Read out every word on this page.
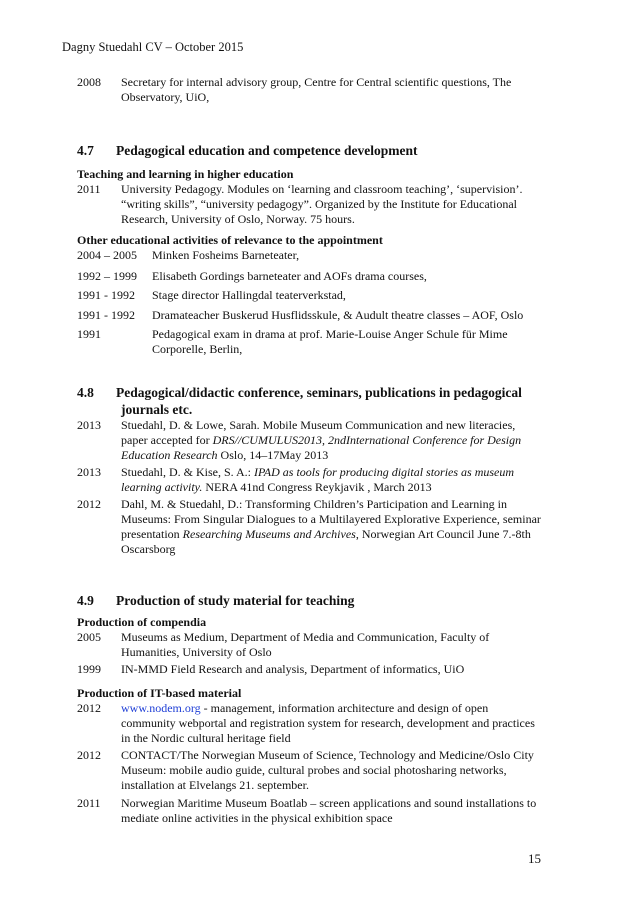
Dagny Stuedahl CV – October 2015
2008 Secretary for internal advisory group, Centre for Central scientific questions, The Observatory, UiO,
4.7 Pedagogical education and competence development
Teaching and learning in higher education
2011 University Pedagogy. Modules on ‘learning and classroom teaching’, ‘supervision’. “writing skills”, “university pedagogy”. Organized by the Institute for Educational Research, University of Oslo, Norway. 75 hours.
Other educational activities of relevance to the appointment
2004 – 2005 Minken Fosheims Barneteater,
1992 – 1999 Elisabeth Gordings barneteater and AOFs drama courses,
1991 - 1992 Stage director Hallingdal teaterverkstad,
1991 - 1992 Dramateacher Buskerud Husflidsskule, & Audult theatre classes – AOF, Oslo
1991	Pedagogical exam in drama at prof. Marie-Louise Anger Schule für Mime Corporelle, Berlin,
4.8 Pedagogical/didactic conference, seminars, publications in pedagogical
journals etc.
2013 Stuedahl, D. & Lowe, Sarah. Mobile Museum Communication and new literacies, paper accepted for DRS//CUMULUS2013, 2ndInternational Conference for Design Education Research Oslo, 14–17May 2013
2013 Stuedahl, D. & Kise, S. A.: IPAD as tools for producing digital stories as museum learning activity. NERA 41nd Congress Reykjavik , March 2013
2012 Dahl, M. & Stuedahl, D.: Transforming Children’s Participation and Learning in Museums: From Singular Dialogues to a Multilayered Explorative Experience, seminar presentation Researching Museums and Archives, Norwegian Art Council June 7.-8th Oscarsborg
4.9 Production of study material for teaching
Production of compendia
2005 Museums as Medium, Department of Media and Communication, Faculty of Humanities, University of Oslo
1999 IN-MMD Field Research and analysis, Department of informatics, UiO
Production of IT-based material
2012 www.nodem.org - management, information architecture and design of open community webportal and registration system for research, development and practices in the Nordic cultural heritage field
2012 CONTACT/The Norwegian Museum of Science, Technology and Medicine/Oslo City Museum: mobile audio guide, cultural probes and social photosharing networks, installation at Elvelangs 21. september.
2011 Norwegian Maritime Museum Boatlab – screen applications and sound installations to mediate online activities in the physical exhibition space
15
